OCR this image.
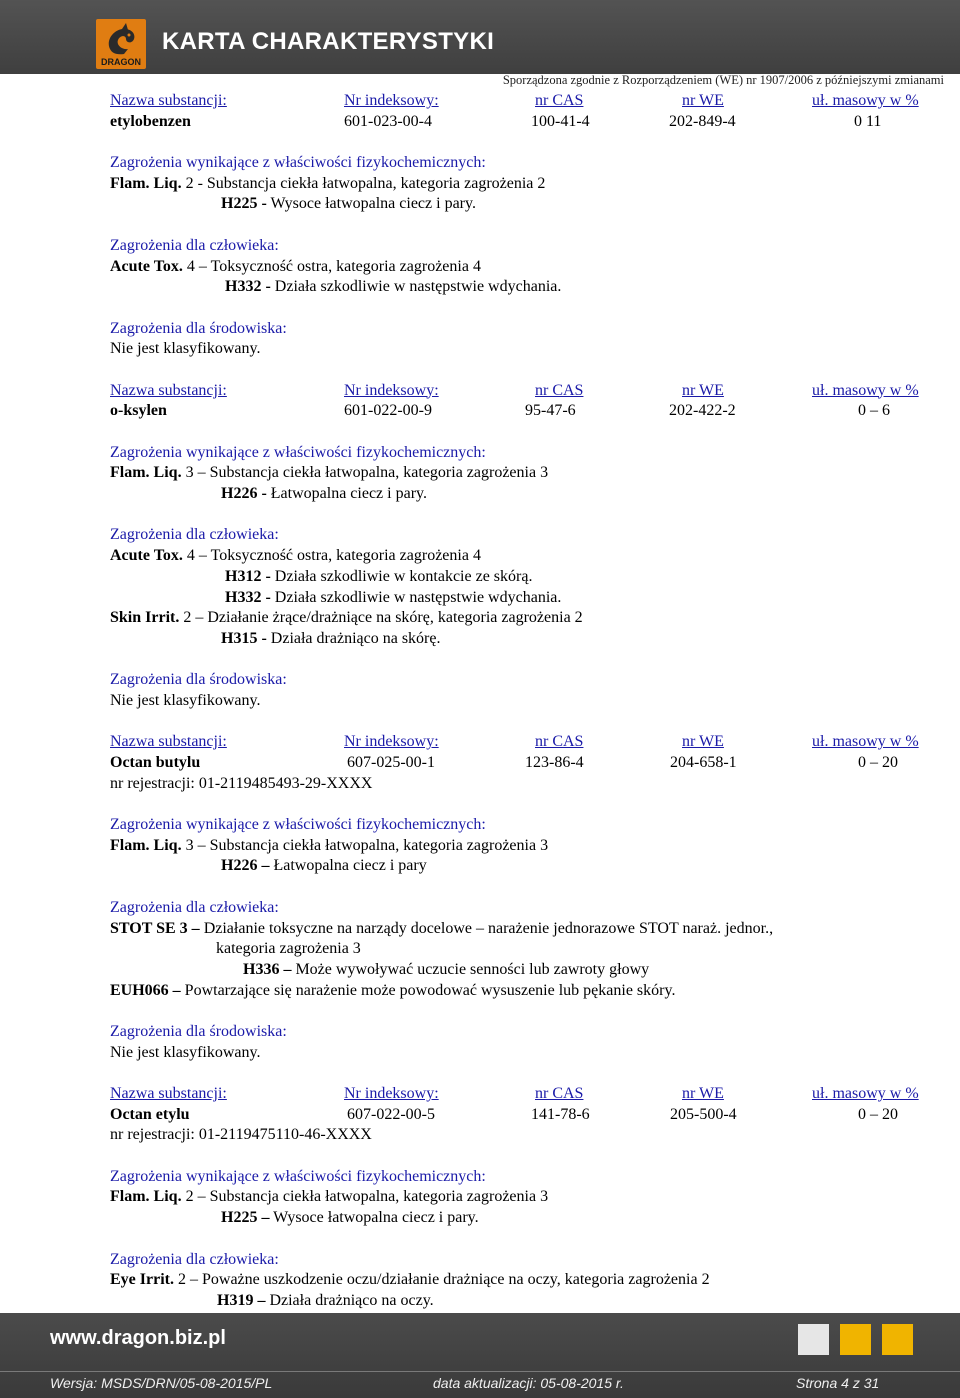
DRAGON
KARTA CHARAKTERYSTYKI
Sporządzona zgodnie z Rozporządzeniem (WE) nr 1907/2006 z późniejszymi zmianami
Nazwa substancji:	Nr indeksowy:	nr CAS	nr WE	uł. masowy w %
etylobenzen	601-023-00-4	100-41-4	202-849-4	0 11
Zagrożenia wynikające z właściwości fizykochemicznych:
Flam. Liq. 2 - Substancja ciekła łatwopalna, kategoria zagrożenia 2
H225 - Wysoce łatwopalna ciecz i pary.
Zagrożenia dla człowieka:
Acute Tox. 4 – Toksyczność ostra, kategoria zagrożenia 4
H332 - Działa szkodliwie w następstwie wdychania.
Zagrożenia dla środowiska:
Nie jest klasyfikowany.
Nazwa substancji:	Nr indeksowy:	nr CAS	nr WE	uł. masowy w %
o-ksylen	601-022-00-9	95-47-6	202-422-2	0 – 6
Zagrożenia wynikające z właściwości fizykochemicznych:
Flam. Liq. 3 – Substancja ciekła łatwopalna, kategoria zagrożenia 3
H226 - Łatwopalna ciecz i pary.
Zagrożenia dla człowieka:
Acute Tox. 4 – Toksyczność ostra, kategoria zagrożenia 4
H312 - Działa szkodliwie w kontakcie ze skórą.
H332 - Działa szkodliwie w następstwie wdychania.
Skin Irrit. 2 – Działanie żrące/drażniące na skórę, kategoria zagrożenia 2
H315 - Działa drażniąco na skórę.
Zagrożenia dla środowiska:
Nie jest klasyfikowany.
Nazwa substancji:	Nr indeksowy:	nr CAS	nr WE	uł. masowy w %
Octan butylu	607-025-00-1	123-86-4	204-658-1	0 – 20
nr rejestracji: 01-2119485493-29-XXXX
Zagrożenia wynikające z właściwości fizykochemicznych:
Flam. Liq. 3 – Substancja ciekła łatwopalna, kategoria zagrożenia 3
H226 – Łatwopalna ciecz i pary
Zagrożenia dla człowieka:
STOT SE 3 – Działanie toksyczne na narządy docelowe – narażenie jednorazowe STOT naraż. jednor.,
kategoria zagrożenia 3
H336 – Może wywoływać uczucie senności lub zawroty głowy
EUH066 – Powtarzające się narażenie może powodować wysuszenie lub pękanie skóry.
Zagrożenia dla środowiska:
Nie jest klasyfikowany.
Nazwa substancji:	Nr indeksowy:	nr CAS	nr WE	uł. masowy w %
Octan etylu	607-022-00-5	141-78-6	205-500-4	0 – 20
nr rejestracji: 01-2119475110-46-XXXX
Zagrożenia wynikające z właściwości fizykochemicznych:
Flam. Liq. 2 – Substancja ciekła łatwopalna, kategoria zagrożenia 3
H225 – Wysoce łatwopalna ciecz i pary.
Zagrożenia dla człowieka:
Eye Irrit. 2 – Poważne uszkodzenie oczu/działanie drażniące na oczy, kategoria zagrożenia 2
H319 – Działa drażniąco na oczy.
www.dragon.biz.pl
Wersja: MSDS/DRN/05-08-2015/PL	data aktualizacji: 05-08-2015 r.	Strona 4 z 31
